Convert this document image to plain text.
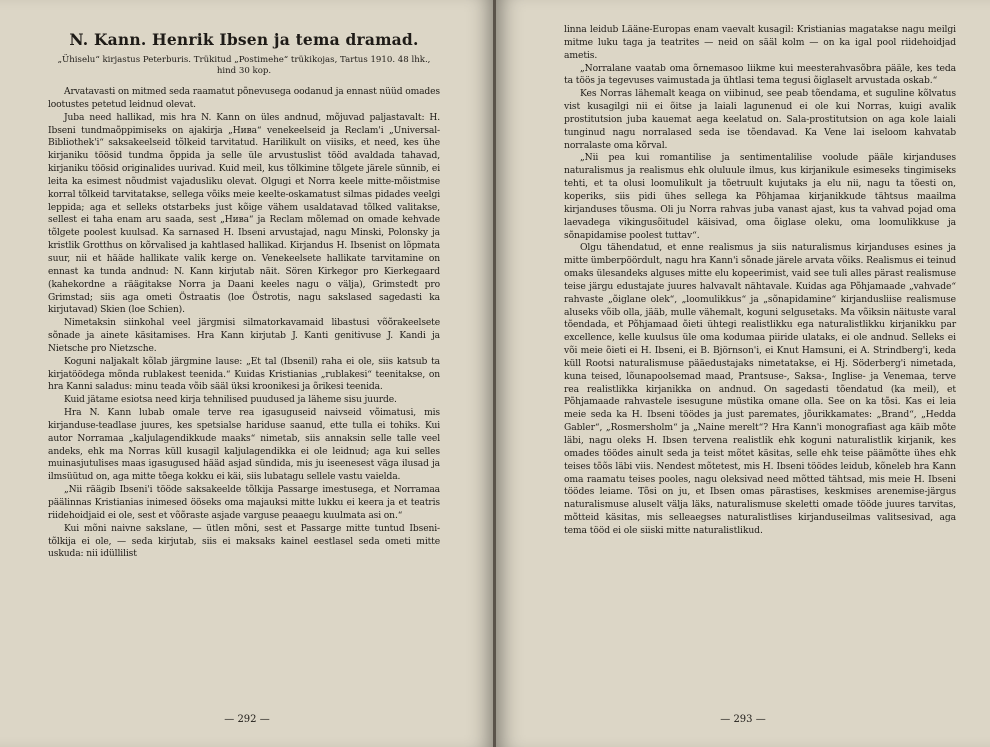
N. Kann. Henrik Ibsen ja tema dramad.
„Ühiselu“ kirjastus Peterburis. Trükitud „Postimehe“ trükikojas, Tartus 1910. 48 lhk., hind 30 kop.

Arvatavasti on mitmed seda raamatut põnevusega oodanud ja ennast nüüd omades lootustes petetud leidnud olevat.

Juba need hallikad, mis hra N. Kann on üles andnud, mõjuvad paljastavalt: H. Ibseni tundmaõppimiseks on ajakirja „Нива“ venekeelseid ja Reclam'i „Universal-Bibliothek'i“ saksakeelseid tõlkeid tarvitatud. Harilikult on viisiks, et need, kes ühe kirjaniku töösid tundma õppida ja selle üle arvustuslist tööd avaldada tahavad, kirjaniku töösid originalides uurivad. Kuid meil, kus tõlkimine tõlgete järele sünnib, ei leita ka esimest nõudmist vajadusliku olevat. Olgugi et Norra keele mitte-mõistmise korral tõlkeid tarvitatakse, sellega võiks meie keelte-oskamatust silmas pidades veelgi leppida; aga et selleks otstarbeks just kõige vähem usaldatavad tõlked valitakse, sellest ei taha enam aru saada, sest „Нива“ ja Reclam mõlemad on omade kehvade tõlgete poolest kuulsad. Ka sarnased H. Ibseni arvustajad, nagu Minski, Polonsky ja kristlik Grotthus on kõrvalised ja kahtlased hallikad. Kirjandus H. Ibsenist on lõpmata suur, nii et hääde hallikate valik kerge on. Venekeelsete hallikate tarvitamine on ennast ka tunda andnud: N. Kann kirjutab näit. Sören Kirkegor pro Kierkegaard (kahekordne a räägitakse Norra ja Daani keeles nagu o välja), Grimstedt pro Grimstad; siis aga ometi Östraatis (loe Östrotis, nagu sakslased sagedasti ka kirjutavad) Skien (loe Schien).

Nimetaksin siinkohal veel järgmisi silmatorkavamaid libastusi võõrakeelsete sõnade ja ainete käsitamises. Hra Kann kirjutab J. Kanti genitivuse J. Kandi ja Nietsche pro Nietzsche.

Koguni naljakalt kõlab järgmine lause: „Et tal (Ibsenil) raha ei ole, siis katsub ta kirjatöödega mõnda rublakest teenida.“ Kuidas Kristianias „rublakesi“ teenitakse, on hra Kanni saladus: minu teada võib sääl üksi kroonikesi ja õrikesi teenida.

Kuid jätame esiotsa need kirja tehnilised puudused ja läheme sisu juurde.

Hra N. Kann lubab omale terve rea igasuguseid naivseid võimatusi, mis kirjanduse-teadlase juures, kes spetsialse hariduse saanud, ette tulla ei tohiks. Kui autor Norramaa „kaljulagendikkude maaks“ nimetab, siis annaksin selle talle veel andeks, ehk ma Norras küll kusagil kaljulagendikka ei ole leidnud; aga kui selles muinasjutulises maas igasugused hääd asjad sündida, mis ju iseenesest väga ilusad ja ilmsüütud on, aga mitte tõega kokku ei käi, siis lubatagu sellele vastu vaielda.

„Nii räägib Ibseni'i tööde saksakeelde tõlkija Passarge imestusega, et Norramaa päälinnas Kristianias inimesed ööseks oma majauksi mitte lukku ei keera ja et teatris riidehoidjaid ei ole, sest et võõraste asjade varguse peaaegu kuulmata asi on.“

Kui mõni naivne sakslane, — ütlen mõni, sest et Passarge mitte tuntud Ibseni-tõlkija ei ole, — seda kirjutab, siis ei maksaks kainel eestlasel seda ometi mitte uskuda: nii idüllilist

— 292 —

linna leidub Lääne-Europas enam vaevalt kusagil: Kristianias magatakse nagu meilgi mitme luku taga ja teatrites — neid on sääl kolm — on ka igal pool riidehoidjad ametis.

„Norralane vaatab oma õrnemasoo liikme kui meesterahvasõbra pääle, kes teda ta töös ja tegevuses vaimustada ja ühtlasi tema tegusi õiglaselt arvustada oskab.“

Kes Norras lähemalt keaga on viibinud, see peab tõendama, et suguline kõlvatus vist kusagilgi nii ei õitse ja laiali lagunenud ei ole kui Norras, kuigi avalik prostitutsion juba kauemat aega keelatud on. Sala-prostitutsion on aga kole laiali tunginud nagu norralased seda ise tõendavad. Ka Vene lai iseloom kahvatab norralaste oma kõrval.

„Nii pea kui romantilise ja sentimentalilise voolude pääle kirjanduses naturalismus ja realismus ehk oluluule ilmus, kus kirjanikule esimeseks tingimiseks tehti, et ta olusi loomulikult ja tõetruult kujutaks ja elu nii, nagu ta tõesti on, koperiks, siis pidi ühes sellega ka Põhjamaa kirjanikkude tähtsus maailma kirjanduses tõusma. Oli ju Norra rahvas juba vanast ajast, kus ta vahvad pojad oma laevadega vikingusõitudel käisivad, oma õiglase oleku, oma loomulikkuse ja sõnapidamise poolest tuttav“.

Olgu tähendatud, et enne realismus ja siis naturalismus kirjanduses esines ja mitte ümberpöördult, nagu hra Kann'i sõnade järele arvata võiks. Realismus ei teinud omaks ülesandeks alguses mitte elu kopeerimist, vaid see tuli alles pärast realismuse teise järgu edustajate juures halvavalt nähtavale. Kuidas aga Põhjamaade „vahvade“ rahvaste „õiglane olek“, „loomulikkus“ ja „sõnapidamine“ kirjandusliise realismuse aluseks võib olla, jääb, mulle vähemalt, koguni selgusetaks. Ma võiksin näituste varal tõendada, et Põhjamaad õieti ühtegi realistlikku ega naturalistlikku kirjanikku par excellence, kelle kuulsus üle oma kodumaa piiride ulataks, ei ole andnud. Selleks ei või meie õieti ei H. Ibseni, ei B. Björnson'i, ei Knut Hamsuni, ei A. Strindberg'i, keda küll Rootsi naturalismuse pääedustajaks nimetatakse, ei Hj. Söderberg'i nimetada, kuna teised, lõunapoolsemad maad, Prantsuse-, Saksa-, Inglise- ja Venemaa, terve rea realistlikka kirjanikka on andnud. On sagedasti tõendatud (ka meil), et Põhjamaade rahvastele isesugune müstika omane olla. See on ka tõsi. Kas ei leia meie seda ka H. Ibseni töödes ja just paremates, jõurikkamates: „Brand“, „Hedda Gabler“, „Rosmersholm“ ja „Naine merelt“? Hra Kann'i monografiast aga käib mõte läbi, nagu oleks H. Ibsen tervena realistlik ehk koguni naturalistlik kirjanik, kes omades töödes ainult seda ja teist mõtet käsitas, selle ehk teise päämõtte ühes ehk teises tõõs läbi viis. Nendest mõtetest, mis H. Ibseni töödes leidub, kõneleb hra Kann oma raamatu teises pooles, nagu oleksivad need mõtted tähtsad, mis meie H. Ibseni töödes leiame. Tõsi on ju, et Ibsen omas pärastises, keskmises arenemise-järgus naturalismuse aluselt välja läks, naturalismuse skeletti omade tööde juures tarvitas, mõtteid käsitas, mis selleaegses naturalistlises kirjanduseilmas valitsesivad, aga tema tööd ei ole siiski mitte naturalistlikud.

— 293 —
